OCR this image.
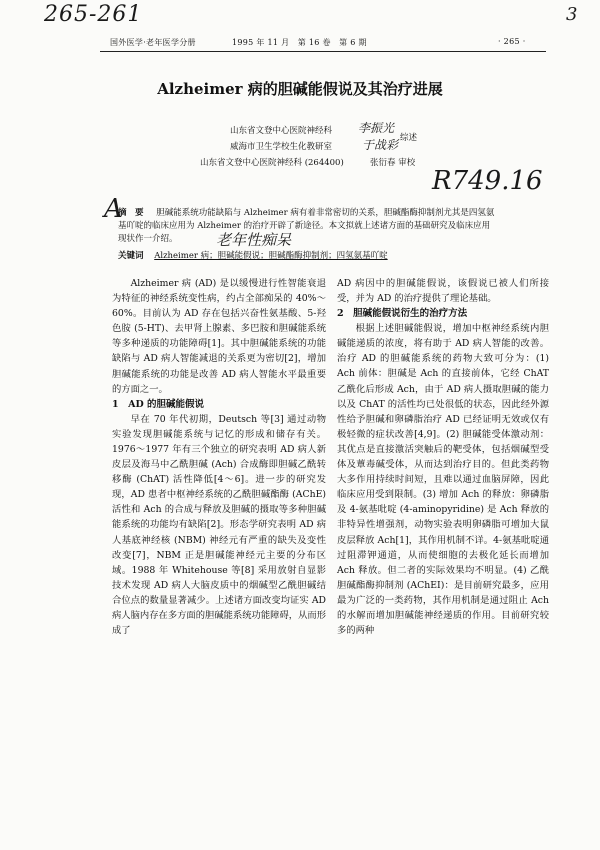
265-261	3
R749.16
A
国外医学·老年医学分册	1995 年 11 月　第 16 卷　第 6 期	· 265 ·
Alzheimer 病的胆碱能假说及其治疗进展
山东省文登中心医院神经科 李振光
综述
威海市卫生学校生化教研室 于战彩
山东省文登中心医院神经科 (264400)	张衍春 审校
摘　要 胆碱能系统功能缺陷与 Alzheimer 病有着非常密切的关系，胆碱酯酶抑制剂尤其是四氢氨基吖啶的临床应用为 Alzheimer 的治疗开辟了新途径。本文拟就上述诸方面的基础研究及临床应用现状作一介绍。	老年性痴呆
关键词 Alzheimer 病；胆碱能假说；胆碱酯酶抑制剂；四氢氨基吖啶

Alzheimer 病 (AD) 是以缓慢进行性智能衰退为特征的神经系统变性病，约占全部痴呆的 40%～60%。目前认为 AD 存在包括兴奋性氨基酸、5-羟色胺 (5-HT)、去甲肾上腺素、多巴胺和胆碱能系统等多种递质的功能障碍[1]。其中胆碱能系统的功能缺陷与 AD 病人智能减退的关系更为密切[2]，增加胆碱能系统的功能是改善 AD 病人智能水平最重要的方面之一。

1　AD 的胆碱能假说

早在 70 年代初期，Deutsch 等[3] 通过动物实验发现胆碱能系统与记忆的形成和储存有关。1976～1977 年有三个独立的研究表明 AD 病人新皮层及海马中乙酰胆碱 (Ach) 合成酶即胆碱乙酰转移酶 (ChAT) 活性降低[4～6]。进一步的研究发现，AD 患者中枢神经系统的乙酰胆碱酯酶 (AChE) 活性和 Ach 的合成与释放及胆碱的摄取等多种胆碱能系统的功能均有缺陷[2]。形态学研究表明 AD 病人基底神经核 (NBM) 神经元有严重的缺失及变性改变[7]，NBM 正是胆碱能神经元主要的分布区域。1988 年 Whitehouse 等[8] 采用放射自显影技术发现 AD 病人大脑皮质中的烟碱型乙酰胆碱结合位点的数量显著减少。上述诸方面改变均证实 AD 病人脑内存在多方面的胆碱能系统功能障碍，从而形成了

AD 病因中的胆碱能假说，该假说已被人们所接受，并为 AD 的治疗提供了理论基础。

2　胆碱能假说衍生的治疗方法

根据上述胆碱能假说，增加中枢神经系统内胆碱能递质的浓度，将有助于 AD 病人智能的改善。治疗 AD 的胆碱能系统的药物大致可分为：(1) Ach 前体：胆碱是 Ach 的直接前体，它经 ChAT 乙酰化后形成 Ach，由于 AD 病人摄取胆碱的能力以及 ChAT 的活性均已处很低的状态，因此经外源性给予胆碱和卵磷脂治疗 AD 已经证明无效或仅有极轻微的症状改善[4,9]。(2) 胆碱能受体激动剂：其优点是直接激活突触后的靶受体，包括烟碱型受体及蕈毒碱受体，从而达到治疗目的。但此类药物大多作用持续时间短，且难以通过血脑屏障，因此临床应用受到限制。(3) 增加 Ach 的释放：卵磷脂及 4-氨基吡啶 (4-aminopyridine) 是 Ach 释放的非特异性增强剂，动物实验表明卵磷脂可增加大鼠皮层释放 Ach[1]，其作用机制不详。4-氨基吡啶通过阻滞钾通道，从而使细胞的去极化延长而增加 Ach 释放。但二者的实际效果均不明显。(4) 乙酰胆碱酯酶抑制剂 (AChEI)：是目前研究最多，应用最为广泛的一类药物，其作用机制是通过阻止 Ach 的水解而增加胆碱能神经递质的作用。目前研究较多的两种
